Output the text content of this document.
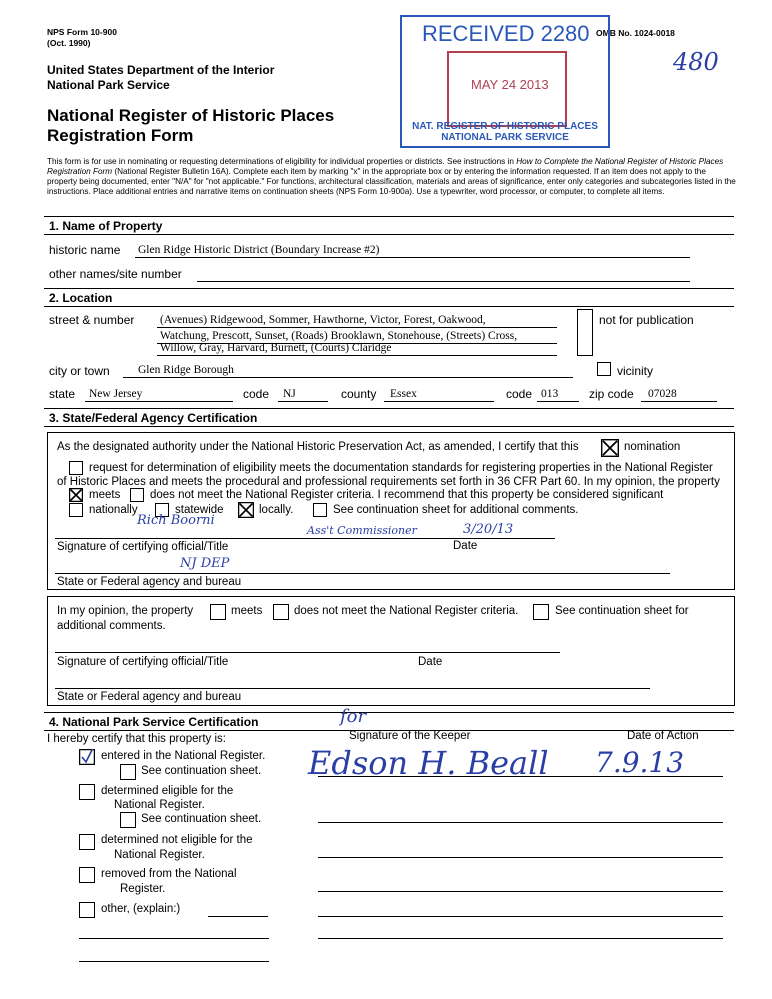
NPS Form 10-900
(Oct. 1990)
OMB No. 1024-0018
480
United States Department of the Interior
National Park Service
National Register of Historic Places
Registration Form
RECEIVED 2280
MAY 24 2013
NAT. REGISTER OF HISTORIC PLACES
NATIONAL PARK SERVICE
This form is for use in nominating or requesting determinations of eligibility for individual properties or districts. See instructions in How to Complete the National Register of Historic Places Registration Form (National Register Bulletin 16A). Complete each item by marking "x" in the appropriate box or by entering the information requested. If an item does not apply to the property being documented, enter "N/A" for "not applicable." For functions, architectural classification, materials and areas of significance, enter only categories and subcategories listed in the instructions. Place additional entries and narrative items on continuation sheets (NPS Form 10-900a). Use a typewriter, word processor, or computer, to complete all items.
1. Name of Property
historic name Glen Ridge Historic District (Boundary Increase #2)
other names/site number
2. Location
street & number (Avenues) Ridgewood, Sommer, Hawthorne, Victor, Forest, Oakwood,
Watchung, Prescott, Sunset, (Roads) Brooklawn, Stonehouse, (Streets) Cross,
Willow, Gray, Harvard, Burnett, (Courts) Claridge
not for publication
city or town Glen Ridge Borough	vicinity
state New Jersey	code NJ	county Essex	code 013	zip code 07028
3. State/Federal Agency Certification
As the designated authority under the National Historic Preservation Act, as amended, I certify that this	nomination
request for determination of eligibility meets the documentation standards for registering properties in the National Register
of Historic Places and meets the procedural and professional requirements set forth in 36 CFR Part 60. In my opinion, the property
meets	does not meet the National Register criteria. I recommend that this property be considered significant
nationally	statewide	locally.	See continuation sheet for additional comments.
Rich Boorni
Ass't Commissioner	3/20/13
Signature of certifying official/Title	Date
NJ DEP
State or Federal agency and bureau
In my opinion, the property	meets	does not meet the National Register criteria.	See continuation sheet for
additional comments.
Signature of certifying official/Title	Date
State or Federal agency and bureau
4. National Park Service Certification
I hereby certify that this property is:	Signature of the Keeper	Date of Action
for
Edson H. Beall 7.9.13
entered in the National Register.
See continuation sheet.
determined eligible for the
National Register.
See continuation sheet.
determined not eligible for the
National Register.
removed from the National
Register.
other, (explain:)
